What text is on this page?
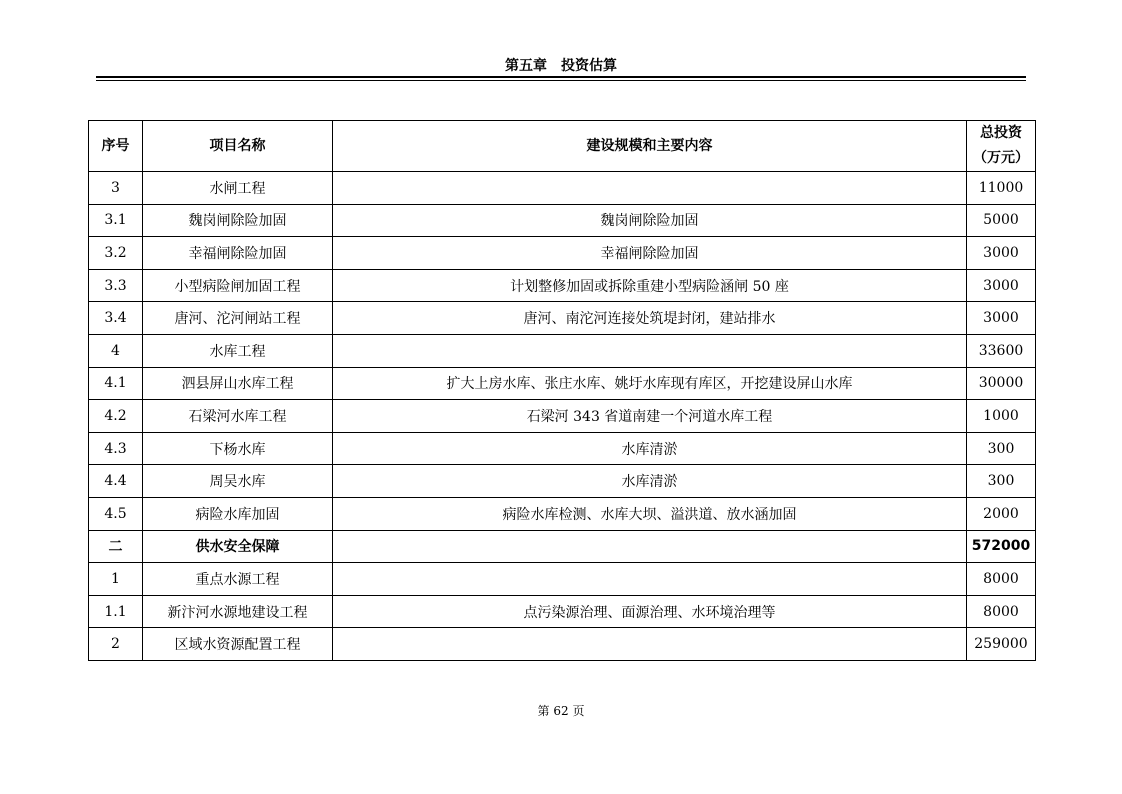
第五章　投资估算
序号	项目名称	建设规模和主要内容	总投资
（万元）
3	水闸工程		11000
3.1	魏岗闸除险加固	魏岗闸除险加固	5000
3.2	幸福闸除险加固	幸福闸除险加固	3000
3.3	小型病险闸加固工程	计划整修加固或拆除重建小型病险涵闸 50 座	3000
3.4	唐河、沱河闸站工程	唐河、南沱河连接处筑堤封闭，建站排水	3000
4	水库工程		33600
4.1	泗县屏山水库工程	扩大上房水库、张庄水库、姚圩水库现有库区，开挖建设屏山水库	30000
4.2	石梁河水库工程	石梁河 343 省道南建一个河道水库工程	1000
4.3	下杨水库	水库清淤	300
4.4	周吴水库	水库清淤	300
4.5	病险水库加固	病险水库检测、水库大坝、溢洪道、放水涵加固	2000
二	供水安全保障		572000
1	重点水源工程		8000
1.1	新汴河水源地建设工程	点污染源治理、面源治理、水环境治理等	8000
2	区域水资源配置工程		259000
第 62 页
